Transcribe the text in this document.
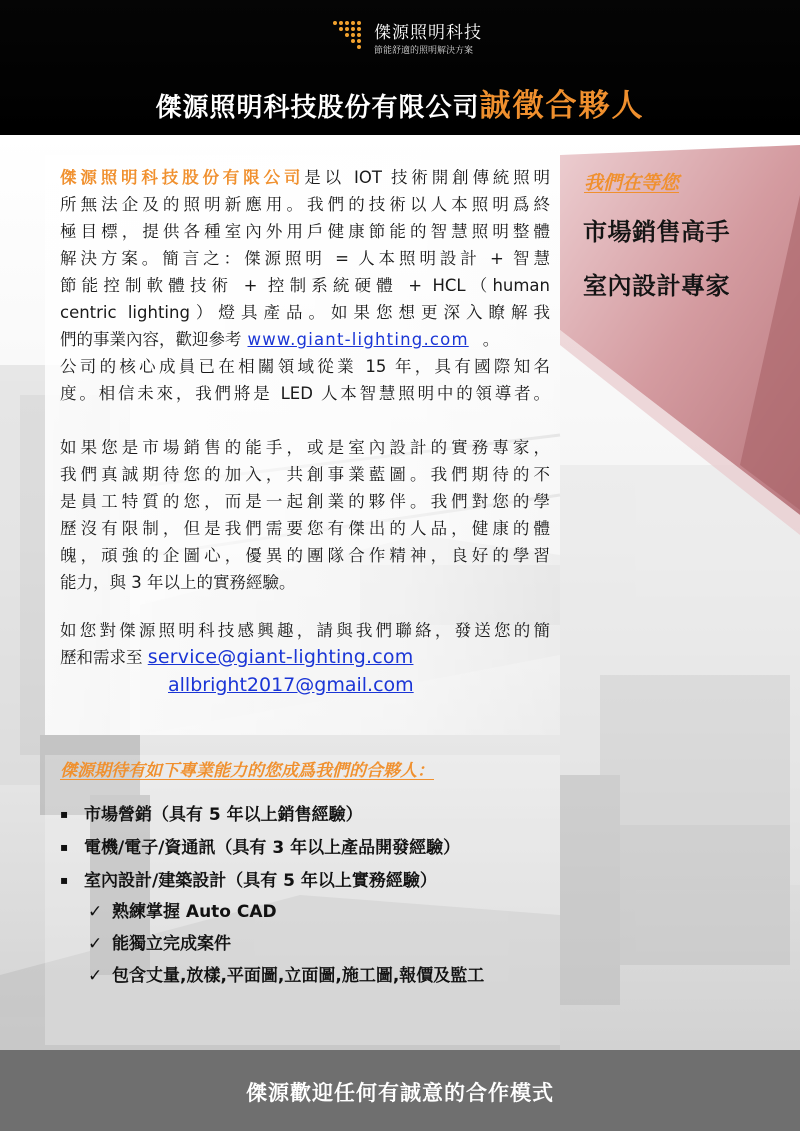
傑源照明科技
節能舒適的照明解決方案
傑源照明科技股份有限公司誠徵合夥人
我們在等您
市場銷售高手
室內設計專家
傑源照明科技股份有限公司是以 IOT 技術開創傳統照明
所無法企及的照明新應用。我們的技術以人本照明爲終
極目標，提供各種室內外用戶健康節能的智慧照明整體
解決方案。簡言之：傑源照明 = 人本照明設計 + 智慧
節能控制軟體技術 + 控制系統硬體 + HCL（human
centric lighting）燈具產品。如果您想更深入瞭解我
們的事業內容，歡迎參考 www.giant-lighting.com 。
公司的核心成員已在相關領域從業 15 年，具有國際知名
度。相信未來，我們將是 LED 人本智慧照明中的領導者。
如果您是市場銷售的能手，或是室內設計的實務專家，
我們真誠期待您的加入，共創事業藍圖。我們期待的不
是員工特質的您，而是一起創業的夥伴。我們對您的學
歷沒有限制，但是我們需要您有傑出的人品，健康的體
魄，頑強的企圖心，優異的團隊合作精神，良好的學習
能力，與 3 年以上的實務經驗。
如您對傑源照明科技感興趣，請與我們聯絡，發送您的簡
歷和需求至 service@giant-lighting.com
allbright2017@gmail.com
傑源期待有如下專業能力的您成爲我們的合夥人：
▪ 市場營銷（具有 5 年以上銷售經驗）
▪ 電機/電子/資通訊（具有 3 年以上產品開發經驗）
▪ 室內設計/建築設計（具有 5 年以上實務經驗）
✓ 熟練掌握 Auto CAD
✓ 能獨立完成案件
✓ 包含丈量,放樣,平面圖,立面圖,施工圖,報價及監工
傑源歡迎任何有誠意的合作模式
